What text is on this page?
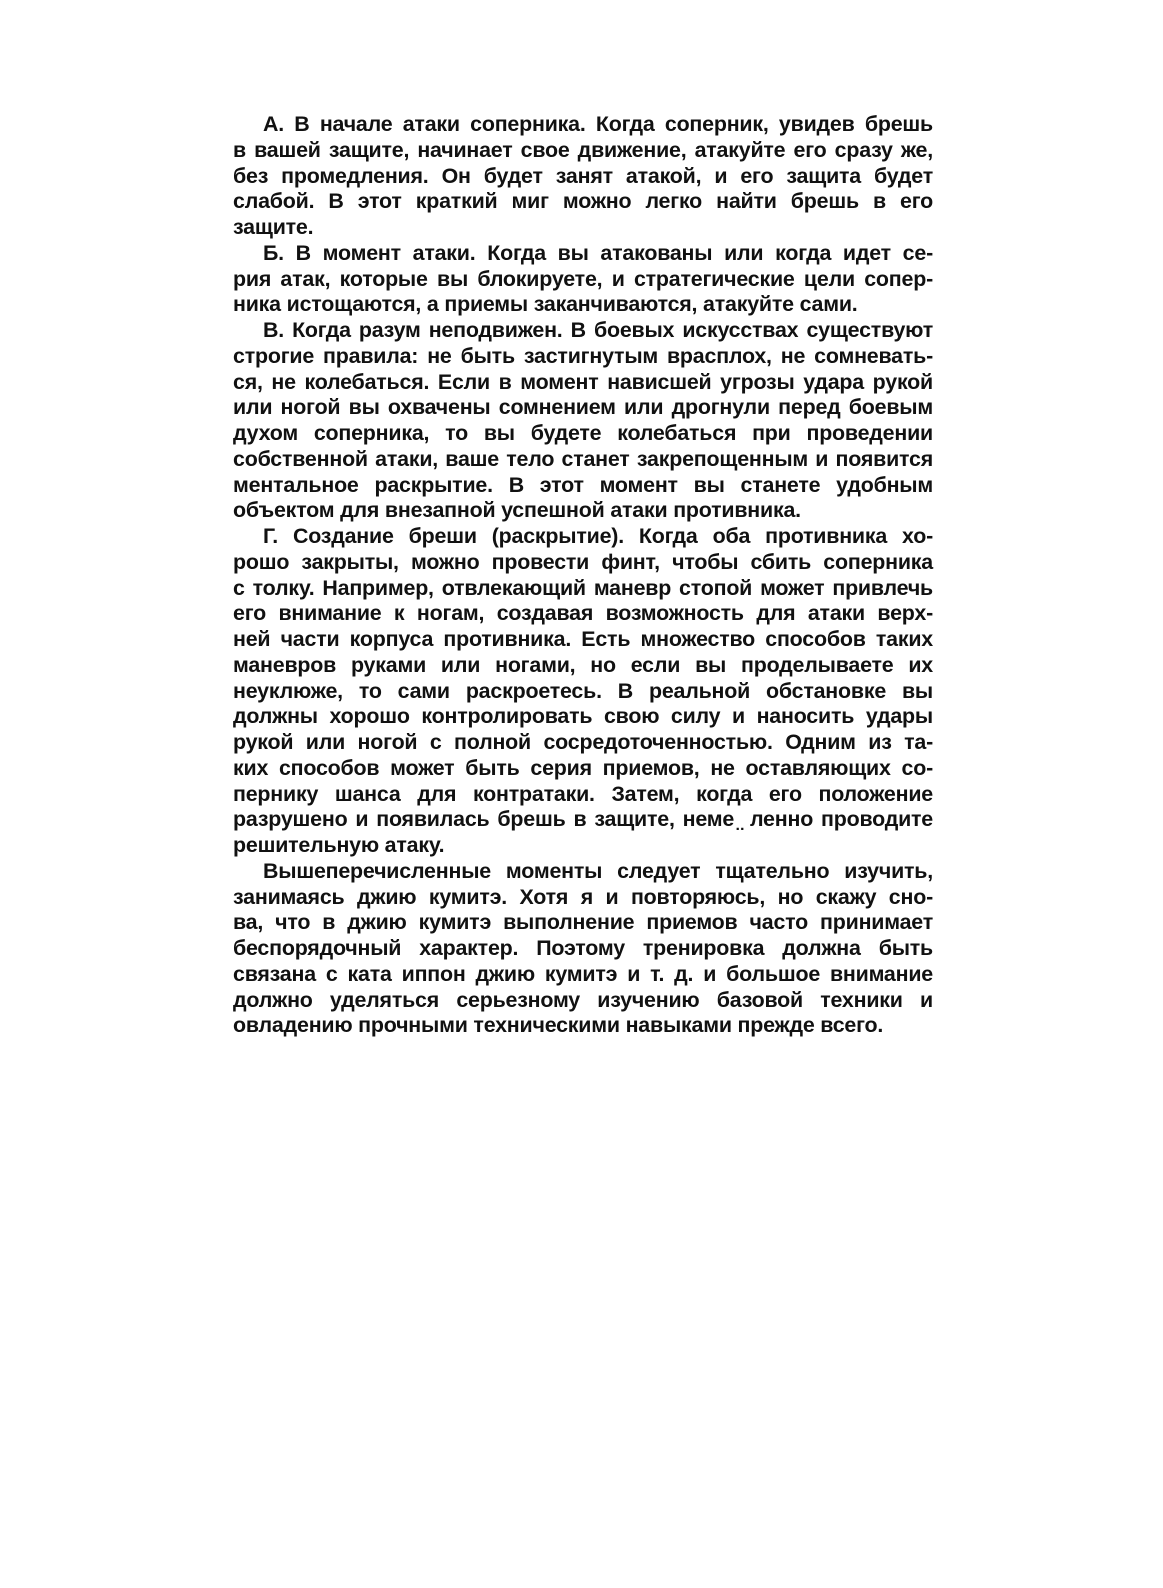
А. В начале атаки соперника. Когда соперник, увидев брешь
в вашей защите, начинает свое движение, атакуйте его сразу же,
без промедления. Он будет занят атакой, и его защита будет
слабой. В этот краткий миг можно легко найти брешь в его
защите.
Б. В момент атаки. Когда вы атакованы или когда идет се-
рия атак, которые вы блокируете, и стратегические цели сопер-
ника истощаются, а приемы заканчиваются, атакуйте сами.
В. Когда разум неподвижен. В боевых искусствах существуют
строгие правила: не быть застигнутым врасплох, не сомневать-
ся, не колебаться. Если в момент нависшей угрозы удара рукой
или ногой вы охвачены сомнением или дрогнули перед боевым
духом соперника, то вы будете колебаться при проведении
собственной атаки, ваше тело станет закрепощенным и появится
ментальное раскрытие. В этот момент вы станете удобным
объектом для внезапной успешной атаки противника.
Г. Создание бреши (раскрытие). Когда оба противника хо-
рошо закрыты, можно провести финт, чтобы сбить соперника
с толку. Например, отвлекающий маневр стопой может привлечь
его внимание к ногам, создавая возможность для атаки верх-
ней части корпуса противника. Есть множество способов таких
маневров руками или ногами, но если вы проделываете их
неуклюже, то сами раскроетесь. В реальной обстановке вы
должны хорошо контролировать свою силу и наносить удары
рукой или ногой с полной сосредоточенностью. Одним из та-
ких способов может быть серия приемов, не оставляющих со-
пернику шанса для контратаки. Затем, когда его положение
разрушено и появилась брешь в защите, неме ̤ ленно проводите
решительную атаку.
Вышеперечисленные моменты следует тщательно изучить,
занимаясь джию кумитэ. Хотя я и повторяюсь, но скажу сно-
ва, что в джию кумитэ выполнение приемов часто принимает
беспорядочный характер. Поэтому тренировка должна быть
связана с ката иппон джию кумитэ и т. д. и большое внимание
должно уделяться серьезному изучению базовой техники и
овладению прочными техническими навыками прежде всего.
